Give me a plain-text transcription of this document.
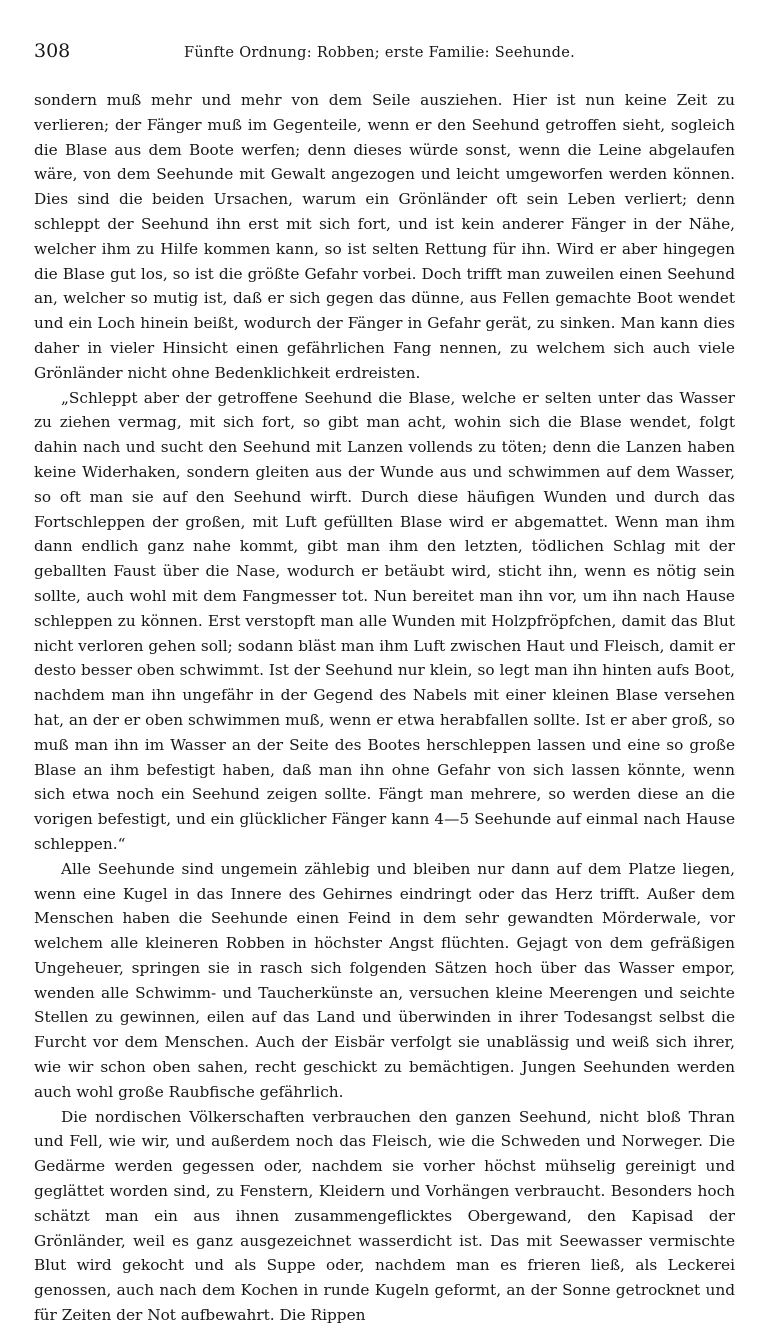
308	Fünfte Ordnung: Robben; erste Familie: Seehunde.

sondern muß mehr und mehr von dem Seile ausziehen. Hier ist nun keine Zeit zu verlieren; der Fänger muß im Gegenteile, wenn er den Seehund getroffen sieht, sogleich die Blase aus dem Boote werfen; denn dieses würde sonst, wenn die Leine abgelaufen wäre, von dem Seehunde mit Gewalt angezogen und leicht umgeworfen werden können. Dies sind die beiden Ursachen, warum ein Grönländer oft sein Leben verliert; denn schleppt der Seehund ihn erst mit sich fort, und ist kein anderer Fänger in der Nähe, welcher ihm zu Hilfe kommen kann, so ist selten Rettung für ihn. Wird er aber hingegen die Blase gut los, so ist die größte Gefahr vorbei. Doch trifft man zuweilen einen Seehund an, welcher so mutig ist, daß er sich gegen das dünne, aus Fellen gemachte Boot wendet und ein Loch hinein beißt, wodurch der Fänger in Gefahr gerät, zu sinken. Man kann dies daher in vieler Hinsicht einen gefährlichen Fang nennen, zu welchem sich auch viele Grönländer nicht ohne Bedenklichkeit erdreisten.

„Schleppt aber der getroffene Seehund die Blase, welche er selten unter das Wasser zu ziehen vermag, mit sich fort, so gibt man acht, wohin sich die Blase wendet, folgt dahin nach und sucht den Seehund mit Lanzen vollends zu töten; denn die Lanzen haben keine Widerhaken, sondern gleiten aus der Wunde aus und schwimmen auf dem Wasser, so oft man sie auf den Seehund wirft. Durch diese häufigen Wunden und durch das Fortschleppen der großen, mit Luft gefüllten Blase wird er abgemattet. Wenn man ihm dann endlich ganz nahe kommt, gibt man ihm den letzten, tödlichen Schlag mit der geballten Faust über die Nase, wodurch er betäubt wird, sticht ihn, wenn es nötig sein sollte, auch wohl mit dem Fangmesser tot. Nun bereitet man ihn vor, um ihn nach Hause schleppen zu können. Erst verstopft man alle Wunden mit Holzpfröpfchen, damit das Blut nicht verloren gehen soll; sodann bläst man ihm Luft zwischen Haut und Fleisch, damit er desto besser oben schwimmt. Ist der Seehund nur klein, so legt man ihn hinten aufs Boot, nachdem man ihn ungefähr in der Gegend des Nabels mit einer kleinen Blase versehen hat, an der er oben schwimmen muß, wenn er etwa herabfallen sollte. Ist er aber groß, so muß man ihn im Wasser an der Seite des Bootes herschleppen lassen und eine so große Blase an ihm befestigt haben, daß man ihn ohne Gefahr von sich lassen könnte, wenn sich etwa noch ein Seehund zeigen sollte. Fängt man mehrere, so werden diese an die vorigen befestigt, und ein glücklicher Fänger kann 4—5 Seehunde auf einmal nach Hause schleppen.“

Alle Seehunde sind ungemein zählebig und bleiben nur dann auf dem Platze liegen, wenn eine Kugel in das Innere des Gehirnes eindringt oder das Herz trifft. Außer dem Menschen haben die Seehunde einen Feind in dem sehr gewandten Mörderwale, vor welchem alle kleineren Robben in höchster Angst flüchten. Gejagt von dem gefräßigen Ungeheuer, springen sie in rasch sich folgenden Sätzen hoch über das Wasser empor, wenden alle Schwimm- und Taucherkünste an, versuchen kleine Meerengen und seichte Stellen zu gewinnen, eilen auf das Land und überwinden in ihrer Todesangst selbst die Furcht vor dem Menschen. Auch der Eisbär verfolgt sie unablässig und weiß sich ihrer, wie wir schon oben sahen, recht geschickt zu bemächtigen. Jungen Seehunden werden auch wohl große Raubfische gefährlich.

Die nordischen Völkerschaften verbrauchen den ganzen Seehund, nicht bloß Thran und Fell, wie wir, und außerdem noch das Fleisch, wie die Schweden und Norweger. Die Gedärme werden gegessen oder, nachdem sie vorher höchst mühselig gereinigt und geglättet worden sind, zu Fenstern, Kleidern und Vorhängen verbraucht. Besonders hoch schätzt man ein aus ihnen zusammengeflicktes Obergewand, den Kapisad der Grönländer, weil es ganz ausgezeichnet wasserdicht ist. Das mit Seewasser vermischte Blut wird gekocht und als Suppe oder, nachdem man es frieren ließ, als Leckerei genossen, auch nach dem Kochen in runde Kugeln geformt, an der Sonne getrocknet und für Zeiten der Not aufbewahrt. Die Rippen
